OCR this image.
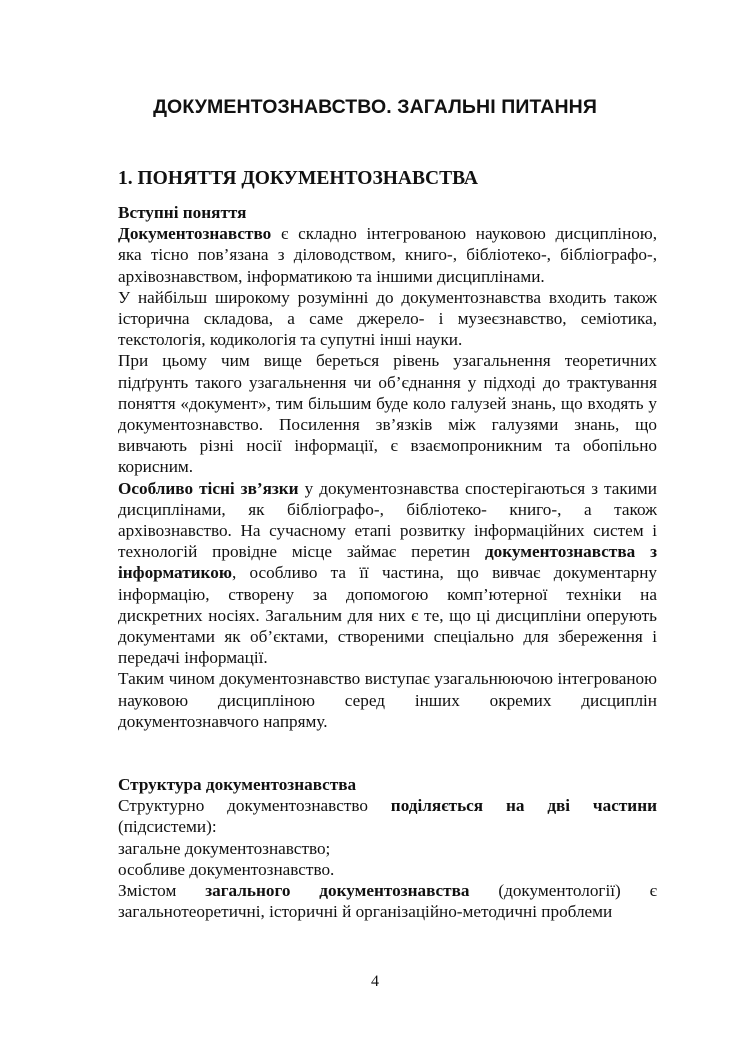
ДОКУМЕНТОЗНАВСТВО. ЗАГАЛЬНІ ПИТАННЯ
1. ПОНЯТТЯ ДОКУМЕНТОЗНАВСТВА

Вступні поняття

Документознавство є складно інтегрованою науковою дисципліною, яка тісно пов’язана з діловодством, книго-, бібліотеко-, бібліографо-, архівознавством, інформатикою та іншими дисциплінами.

У найбільш широкому розумінні до документознавства входить також історична складова, а саме джерело- і музеєзнавство, семіотика, текстологія, кодикологія та супутні інші науки.

При цьому чим вище береться рівень узагальнення теоретичних підґрунть такого узагальнення чи об’єднання у підході до трактування поняття «документ», тим більшим буде коло галузей знань, що входять у документознавство. Посилення зв’язків між галузями знань, що вивчають різні носії інформації, є взаємопроникним та обопільно корисним.

Особливо тісні зв’язки у документознавства спостерігаються з такими дисциплінами, як бібліографо-, бібліотеко- книго-, а також архівознавство. На сучасному етапі розвитку інформаційних систем і технологій провідне місце займає перетин документознавства з інформатикою, особливо та її частина, що вивчає документарну інформацію, створену за допомогою комп’ютерної техніки на дискретних носіях. Загальним для них є те, що ці дисципліни оперують документами як об’єктами, створеними спеціально для збереження і передачі інформації.

Таким чином документознавство виступає узагальнюючою інтегрованою науковою дисципліною серед інших окремих дисциплін документознавчого напряму.

Структура документознавства

Структурно документознавство поділяється на дві частини (підсистеми):

загальне документознавство;

особливе документознавство.

Змістом загального документознавства (документології) є загальнотеоретичні, історичні й організаційно-методичні проблеми

4
